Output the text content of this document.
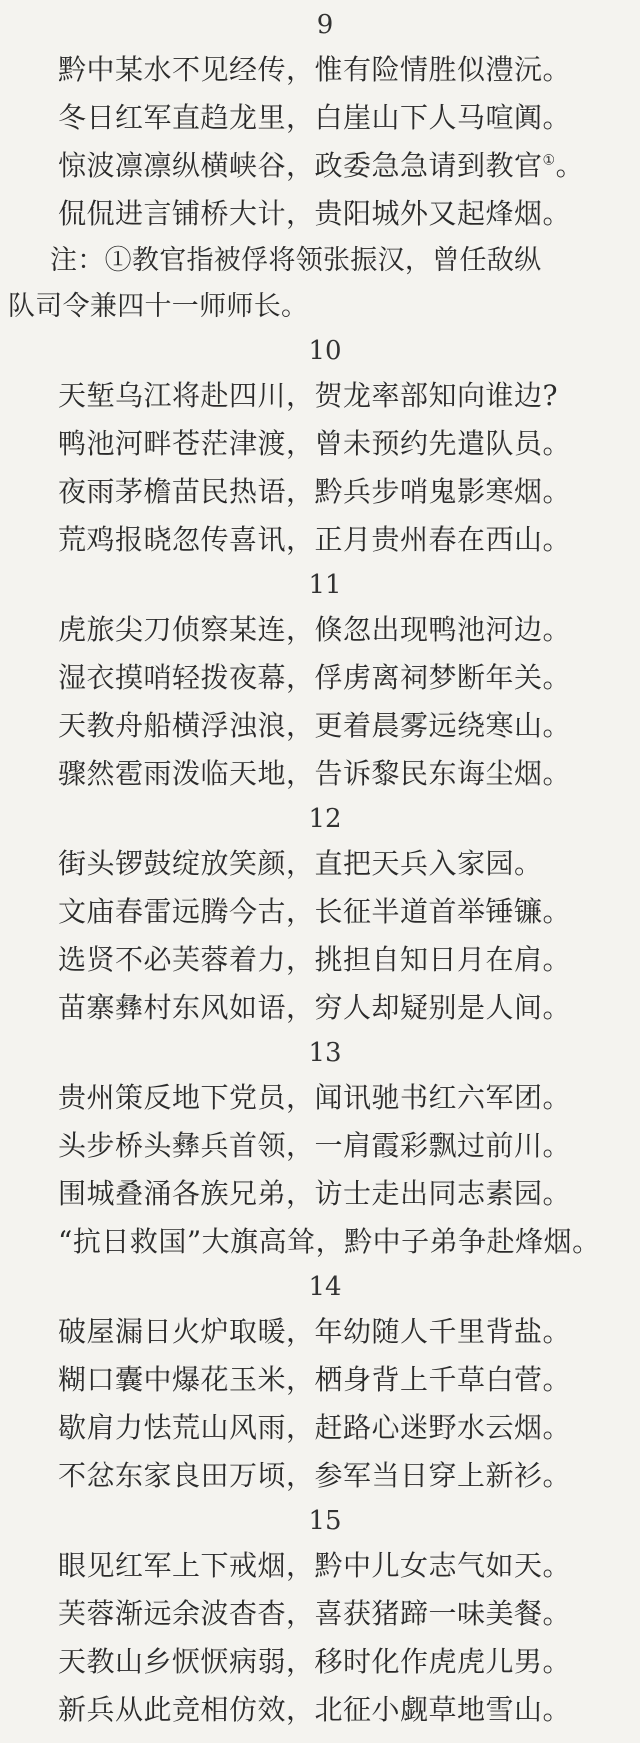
9
黔中某水不见经传，惟有险情胜似澧沅。
冬日红军直趋龙里，白崖山下人马喧阗。
惊波凛凛纵横峡谷，政委急急请到教官①。
侃侃进言铺桥大计，贵阳城外又起烽烟。
注：①教官指被俘将领张振汉，曾任敌纵
队司令兼四十一师师长。
10
天堑乌江将赴四川，贺龙率部知向谁边?
鸭池河畔苍茫津渡，曾未预约先遣队员。
夜雨茅檐苗民热语，黔兵步哨鬼影寒烟。
荒鸡报晓忽传喜讯，正月贵州春在西山。
11
虎旅尖刀侦察某连，倏忽出现鸭池河边。
湿衣摸哨轻拨夜幕，俘虏离祠梦断年关。
天教舟船横浮浊浪，更着晨雾远绕寒山。
骤然雹雨泼临天地，告诉黎民东诲尘烟。
12
街头锣鼓绽放笑颜，直把天兵入家园。
文庙春雷远腾今古，长征半道首举锤镰。
选贤不必芙蓉着力，挑担自知日月在肩。
苗寨彝村东风如语，穷人却疑别是人间。
13
贵州策反地下党员，闻讯驰书红六军团。
头步桥头彝兵首领，一肩霞彩飘过前川。
围城叠涌各族兄弟，访士走出同志素园。
“抗日救国”大旗高耸，黔中子弟争赴烽烟。
14
破屋漏日火炉取暖，年幼随人千里背盐。
糊口囊中爆花玉米，栖身背上千草白菅。
歇肩力怯荒山风雨，赶路心迷野水云烟。
不忿东家良田万顷，参军当日穿上新衫。
15
眼见红军上下戒烟，黔中儿女志气如天。
芙蓉渐远余波杳杳，喜获猪蹄一味美餐。
天教山乡恹恹病弱，移时化作虎虎儿男。
新兵从此竞相仿效，北征小觑草地雪山。
